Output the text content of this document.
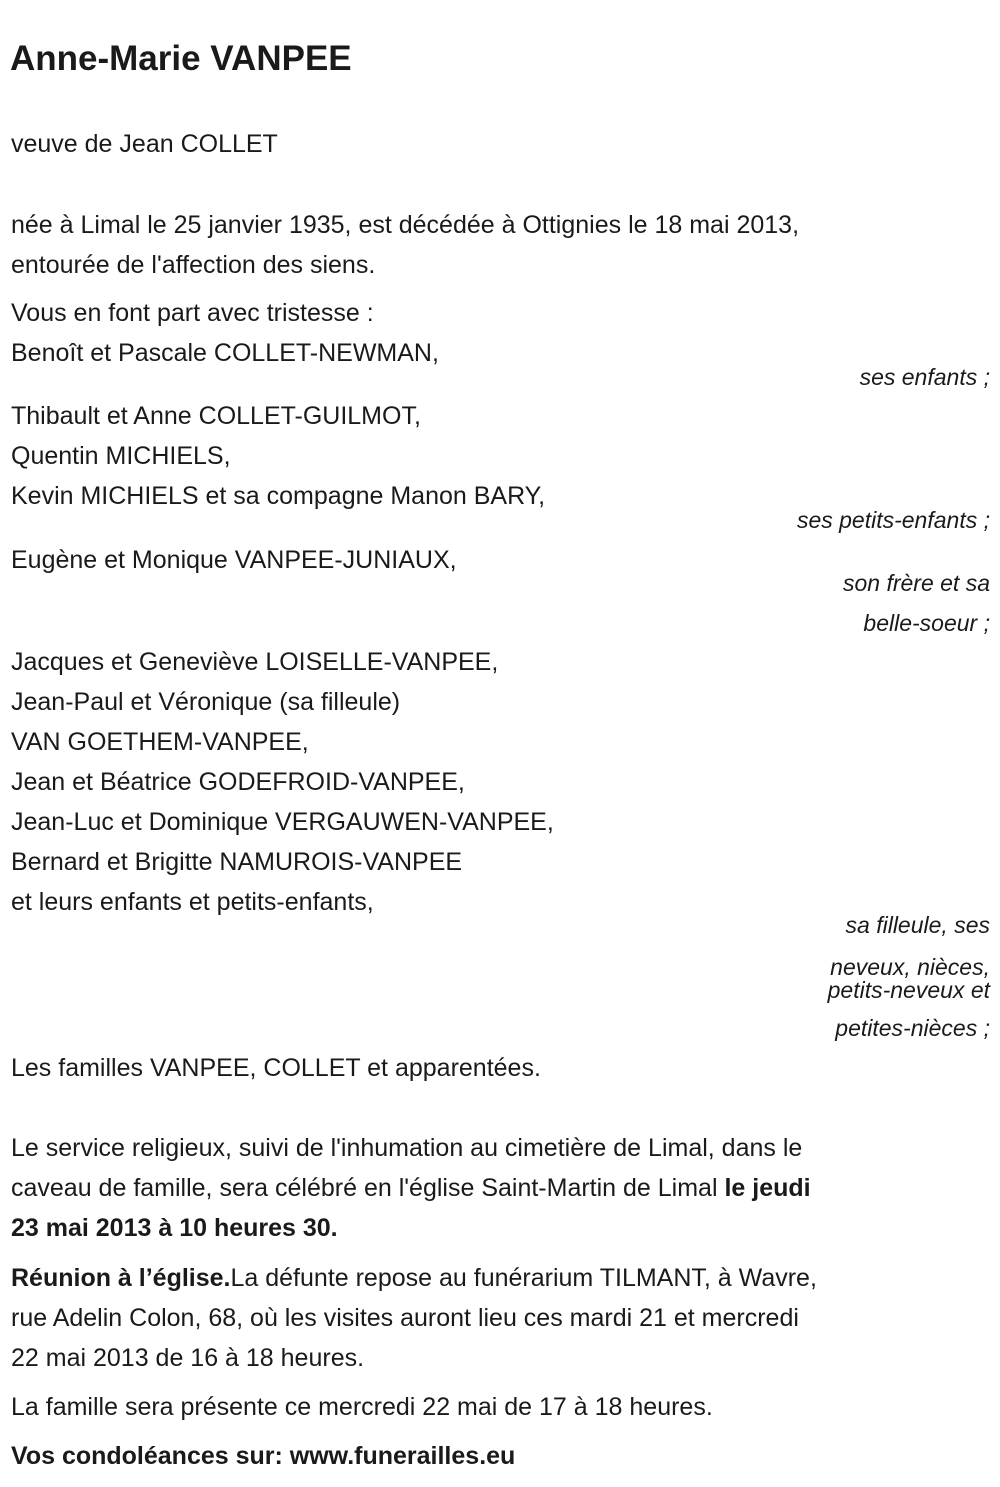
Anne-Marie VANPEE
veuve de Jean COLLET
née à Limal le 25 janvier 1935, est décédée à Ottignies le 18 mai 2013,
entourée de l'affection des siens.
Vous en font part avec tristesse :
Benoît et Pascale COLLET-NEWMAN,
ses enfants ;
Thibault et Anne COLLET-GUILMOT,
Quentin MICHIELS,
Kevin MICHIELS et sa compagne Manon BARY,
ses petits-enfants ;
Eugène et Monique VANPEE-JUNIAUX,
son frère et sa
belle-soeur ;
Jacques et Geneviève LOISELLE-VANPEE,
Jean-Paul et Véronique (sa filleule)
VAN GOETHEM-VANPEE,
Jean et Béatrice GODEFROID-VANPEE,
Jean-Luc et Dominique VERGAUWEN-VANPEE,
Bernard et Brigitte NAMUROIS-VANPEE
et leurs enfants et petits-enfants,
sa filleule, ses
neveux, nièces,
petits-neveux et
petites-nièces ;
Les familles VANPEE, COLLET et apparentées.
Le service religieux, suivi de l'inhumation au cimetière de Limal, dans le
caveau de famille, sera célébré en l'église Saint-Martin de Limal le jeudi
23 mai 2013 à 10 heures 30.
Réunion à l’église.La défunte repose au funérarium TILMANT, à Wavre,
rue Adelin Colon, 68, où les visites auront lieu ces mardi 21 et mercredi
22 mai 2013 de 16 à 18 heures.
La famille sera présente ce mercredi 22 mai de 17 à 18 heures.
Vos condoléances sur: www.funerailles.eu
